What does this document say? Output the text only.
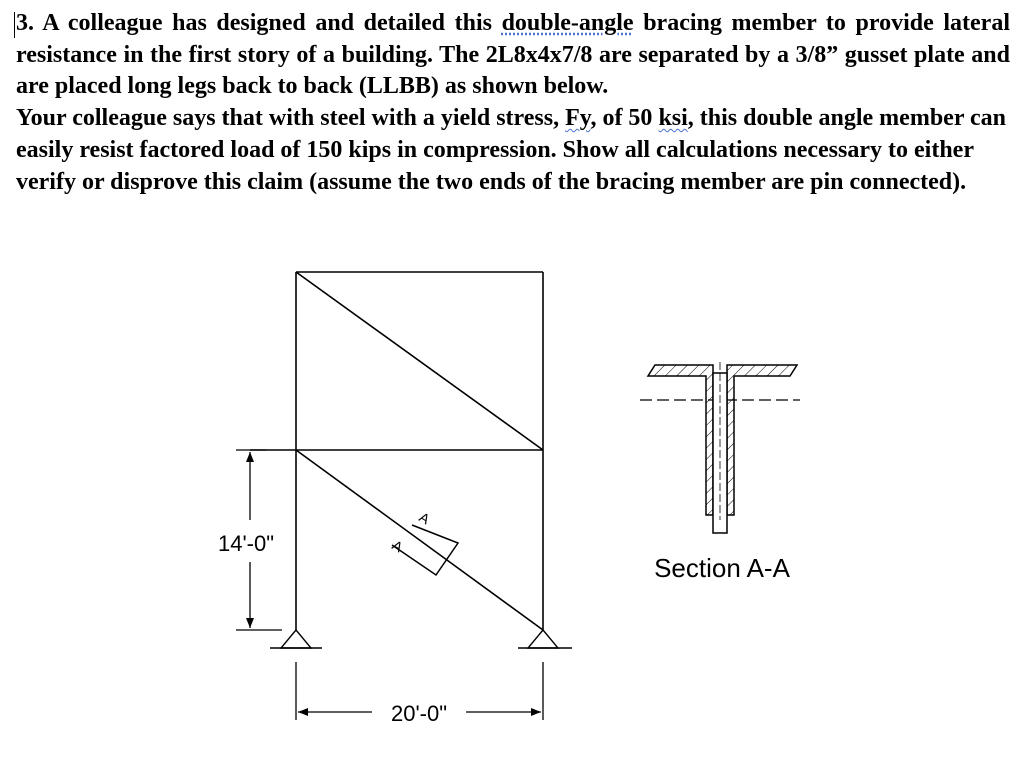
3. A colleague has designed and detailed this double-angle bracing member to provide lateral resistance in the first story of a building. The 2L8x4x7/8 are separated by a 3/8” gusset plate and are placed long legs back to back (LLBB) as shown below.

Your colleague says that with steel with a yield stress, Fy, of 50 ksi, this double angle member can easily resist factored load of 150 kips in compression. Show all calculations necessary to either verify or disprove this claim (assume the two ends of the bracing member are pin connected).

14'-0"
20'-0"
A
A
Section A-A
